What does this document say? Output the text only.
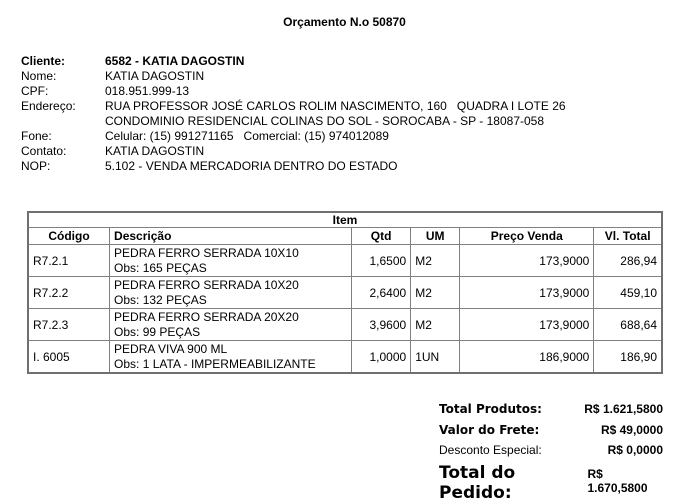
Orçamento N.o 50870
Cliente:	6582 - KATIA DAGOSTIN
Nome:	KATIA DAGOSTIN
CPF:	018.951.999-13
Endereço:	RUA PROFESSOR JOSÉ CARLOS ROLIM NASCIMENTO, 160   QUADRA I LOTE 26
CONDOMINIO RESIDENCIAL COLINAS DO SOL - SOROCABA - SP - 18087-058
Fone:	Celular: (15) 991271165   Comercial: (15) 974012089
Contato:	KATIA DAGOSTIN
NOP:	5.102 - VENDA MERCADORIA DENTRO DO ESTADO
Item					
Código	Descrição	Qtd	UM	Preço Venda	Vl. Total
R7.2.1	PEDRA FERRO SERRADA 10X10
Obs: 165 PEÇAS	1,6500	M2	173,9000	286,94
R7.2.2	PEDRA FERRO SERRADA 10X20
Obs: 132 PEÇAS	2,6400	M2	173,9000	459,10
R7.2.3	PEDRA FERRO SERRADA 20X20
Obs: 99 PEÇAS	3,9600	M2	173,9000	688,64
I. 6005	PEDRA VIVA 900 ML
Obs: 1 LATA - IMPERMEABILIZANTE	1,0000	1UN	186,9000	186,90
Total Produtos:	R$ 1.621,5800
Valor do Frete:	R$ 49,0000
Desconto Especial:	R$ 0,0000
Total do Pedido:
R$ 1.670,5800
